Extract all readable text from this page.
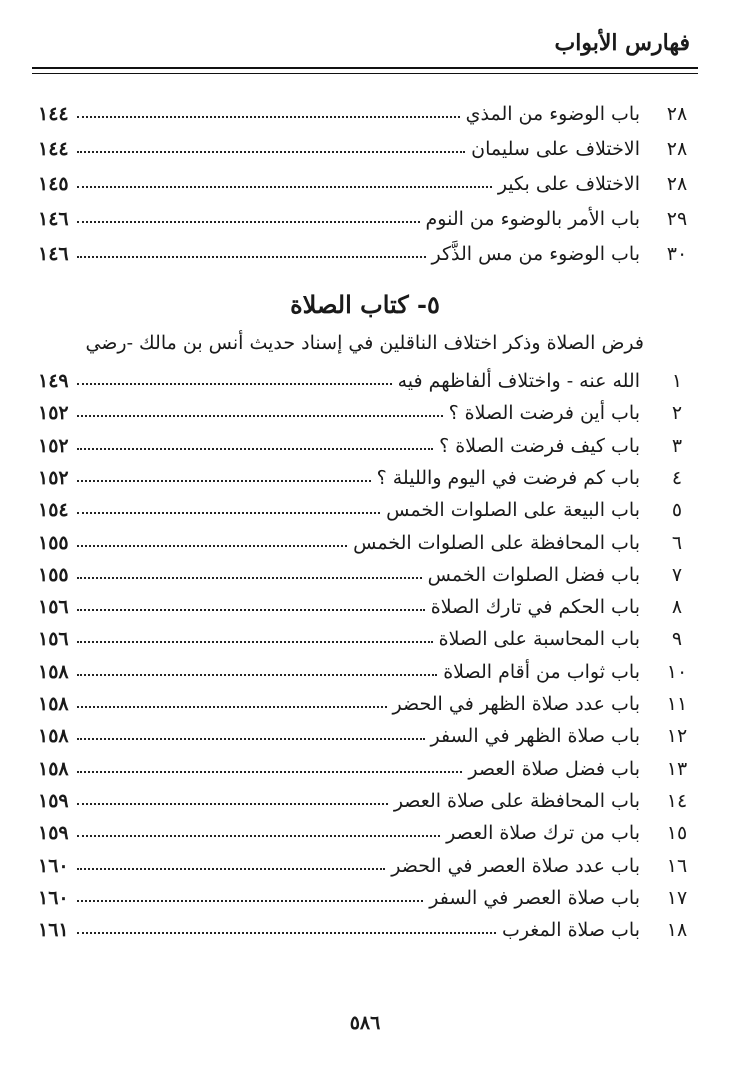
فهارس الأبواب
٢٨
باب الوضوء من المذي
١٤٤
٢٨
الاختلاف على سليمان
١٤٤
٢٨
الاختلاف على بكير
١٤٥
٢٩
باب الأمر بالوضوء من النوم
١٤٦
٣٠
باب الوضوء من مس الذَّكر
١٤٦
٥- كتاب الصلاة
فرض الصلاة وذكر اختلاف الناقلين في إسناد حديث أنس بن مالك -رضي
١
الله عنه - واختلاف ألفاظهم فيه
١٤٩
٢
باب أين فرضت الصلاة ؟
١٥٢
٣
باب كيف فرضت الصلاة ؟
١٥٢
٤
باب كم فرضت في اليوم والليلة ؟
١٥٢
٥
باب البيعة على الصلوات الخمس
١٥٤
٦
باب المحافظة على الصلوات الخمس
١٥٥
٧
باب فضل الصلوات الخمس
١٥٥
٨
باب الحكم في تارك الصلاة
١٥٦
٩
باب المحاسبة على الصلاة
١٥٦
١٠
باب ثواب من أقام الصلاة
١٥٨
١١
باب عدد صلاة الظهر في الحضر
١٥٨
١٢
باب صلاة الظهر في السفر
١٥٨
١٣
باب فضل صلاة العصر
١٥٨
١٤
باب المحافظة على صلاة العصر
١٥٩
١٥
باب من ترك صلاة العصر
١٥٩
١٦
باب عدد صلاة العصر في الحضر
١٦٠
١٧
باب صلاة العصر في السفر
١٦٠
١٨
باب صلاة المغرب
١٦١
٥٨٦
